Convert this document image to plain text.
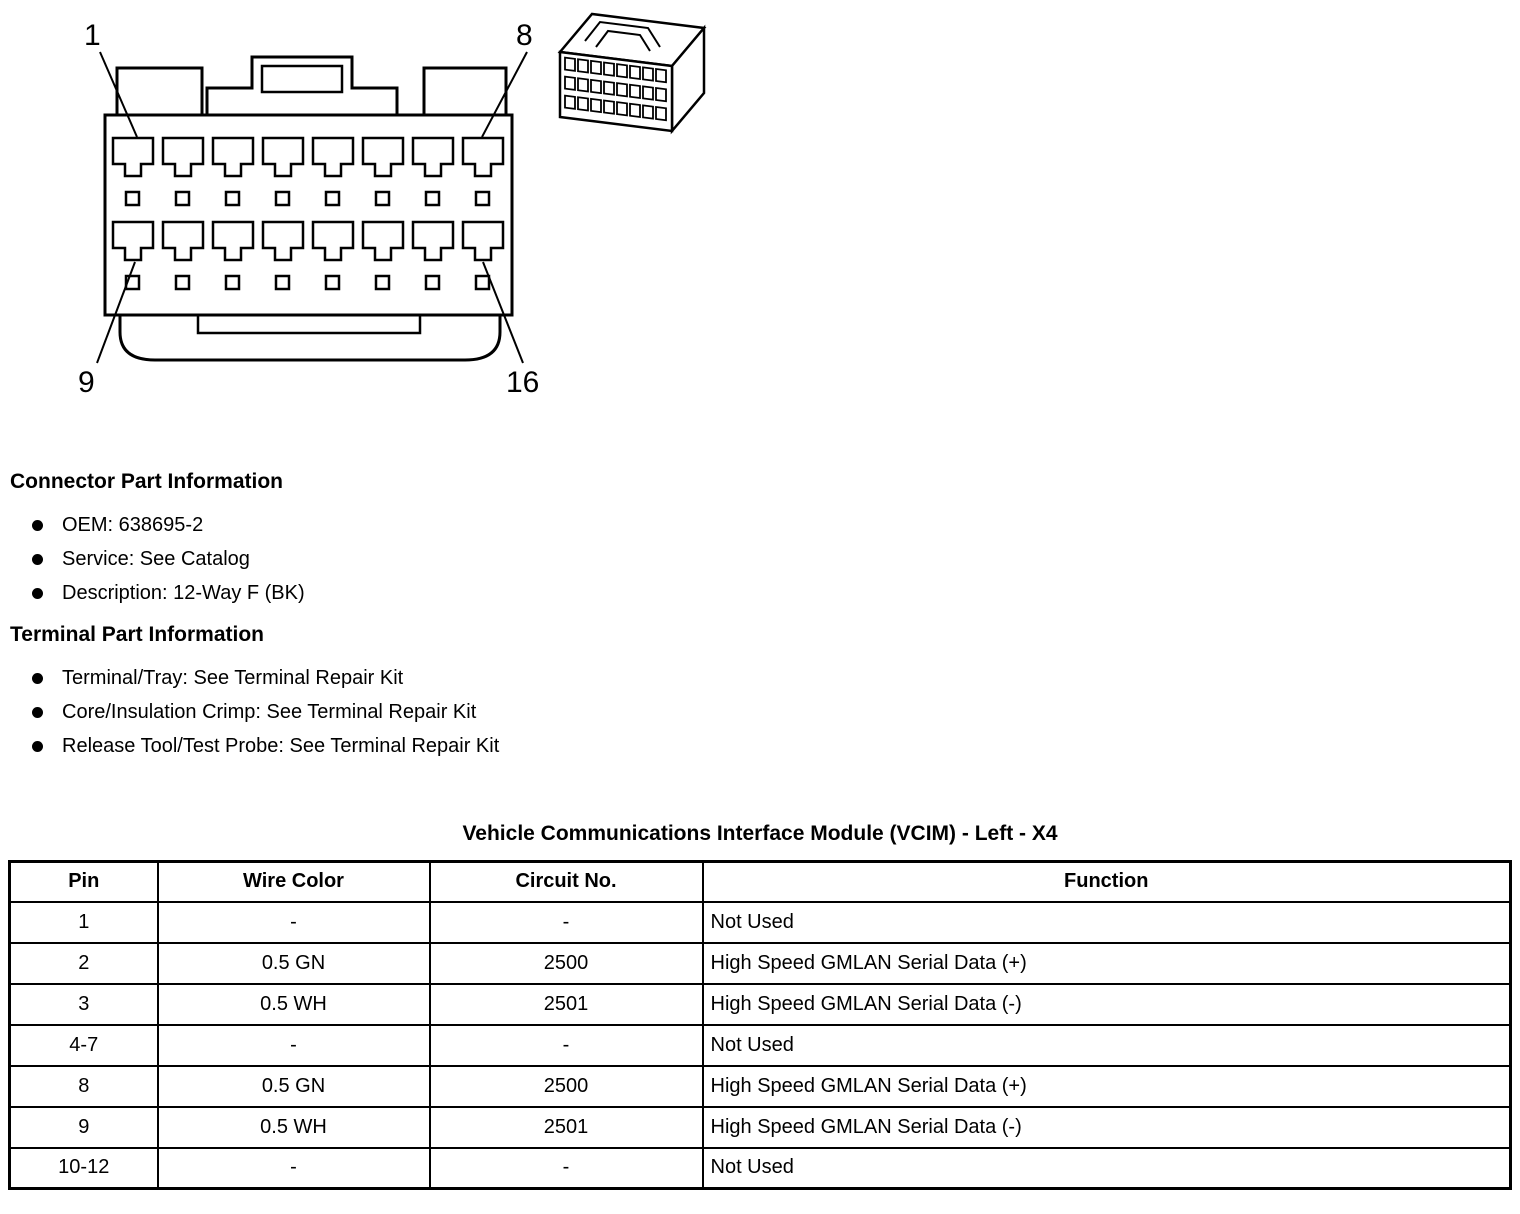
1	8
9	16
Connector Part Information
OEM: 638695-2
Service: See Catalog
Description: 12-Way F (BK)
Terminal Part Information
Terminal/Tray: See Terminal Repair Kit
Core/Insulation Crimp: See Terminal Repair Kit
Release Tool/Test Probe: See Terminal Repair Kit
Vehicle Communications Interface Module (VCIM) - Left - X4
Pin	Wire Color	Circuit No.	Function
1	-	-	Not Used
2	0.5 GN	2500	High Speed GMLAN Serial Data (+)
3	0.5 WH	2501	High Speed GMLAN Serial Data (-)
4-7	-	-	Not Used
8	0.5 GN	2500	High Speed GMLAN Serial Data (+)
9	0.5 WH	2501	High Speed GMLAN Serial Data (-)
10-12	-	-	Not Used
